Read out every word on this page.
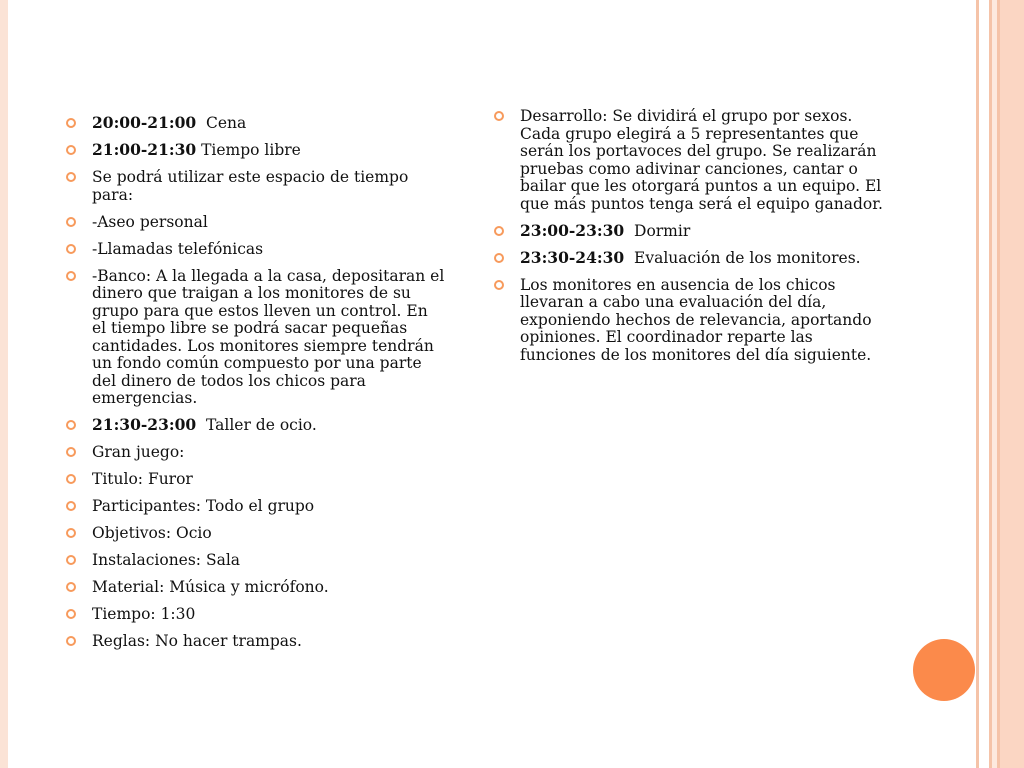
20:00-21:00  Cena
21:00-21:30 Tiempo libre
Se podrá utilizar este espacio de tiempo para:
-Aseo personal
-Llamadas telefónicas
-Banco: A la llegada a la casa, depositaran el dinero que traigan a los monitores de su grupo para que estos lleven un control. En el tiempo libre se podrá sacar pequeñas cantidades. Los monitores siempre tendrán un fondo común compuesto por una parte del dinero de todos los chicos para emergencias.
21:30-23:00  Taller de ocio.
Gran juego:
Titulo: Furor
Participantes: Todo el grupo
Objetivos: Ocio
Instalaciones: Sala
Material: Música y micrófono.
Tiempo: 1:30
Reglas: No hacer trampas.
Desarrollo: Se dividirá el grupo por sexos. Cada grupo elegirá a 5 representantes que serán los portavoces del grupo. Se realizarán pruebas como adivinar canciones, cantar o bailar que les otorgará puntos a un equipo. El que más puntos tenga será el equipo ganador.
23:00-23:30  Dormir
23:30-24:30  Evaluación de los monitores.
Los monitores en ausencia de los chicos llevaran a cabo una evaluación del día, exponiendo hechos de relevancia, aportando opiniones. El coordinador reparte las funciones de los monitores del día siguiente.
